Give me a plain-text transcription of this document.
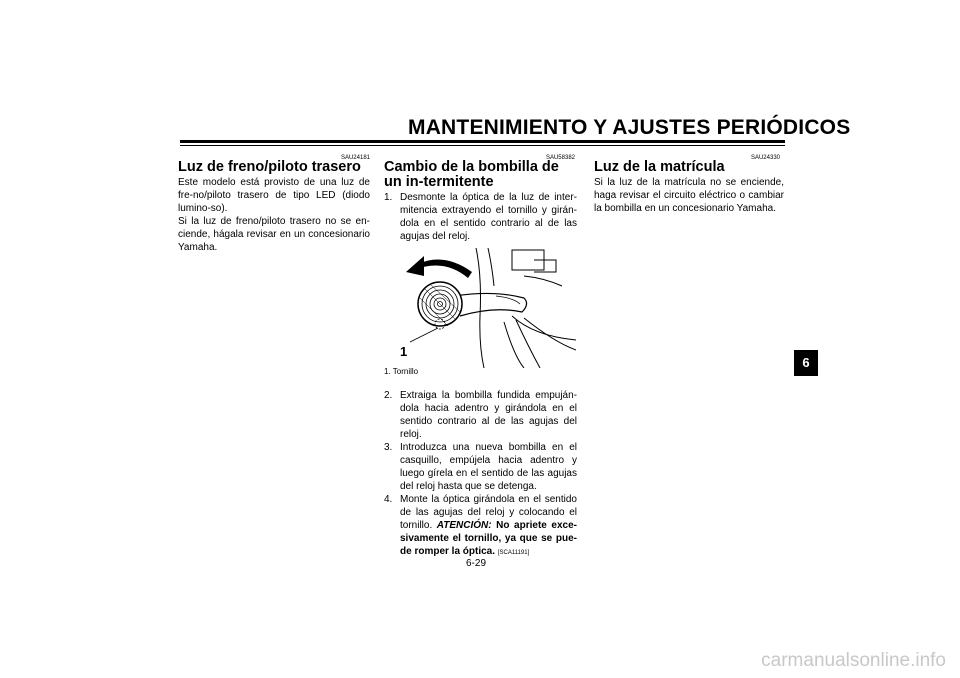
MANTENIMIENTO Y AJUSTES PERIÓDICOS
SAU24181
Luz de freno/piloto trasero
Este modelo está provisto de una luz de fre-no/piloto trasero de tipo LED (diodo lumino-so).
Si la luz de freno/piloto trasero no se en-ciende, hágala revisar en un concesionario Yamaha.
SAU58382
Cambio de la bombilla de un in-termitente
1. Desmonte la óptica de la luz de inter-mitencia extrayendo el tornillo y girán-dola en el sentido contrario al de las agujas del reloj.
1
1. Tornillo
2. Extraiga la bombilla fundida empuján-dola hacia adentro y girándola en el sentido contrario al de las agujas del reloj.
3. Introduzca una nueva bombilla en el casquillo, empújela hacia adentro y luego gírela en el sentido de las agujas del reloj hasta que se detenga.
4. Monte la óptica girándola en el sentido de las agujas del reloj y colocando el tornillo. ATENCIÓN: No apriete exce-sivamente el tornillo, ya que se pue-de romper la óptica. [SCA11191]
SAU24330
Luz de la matrícula
Si la luz de la matrícula no se enciende, haga revisar el circuito eléctrico o cambiar la bombilla en un concesionario Yamaha.
6
6-29
carmanualsonline.info
